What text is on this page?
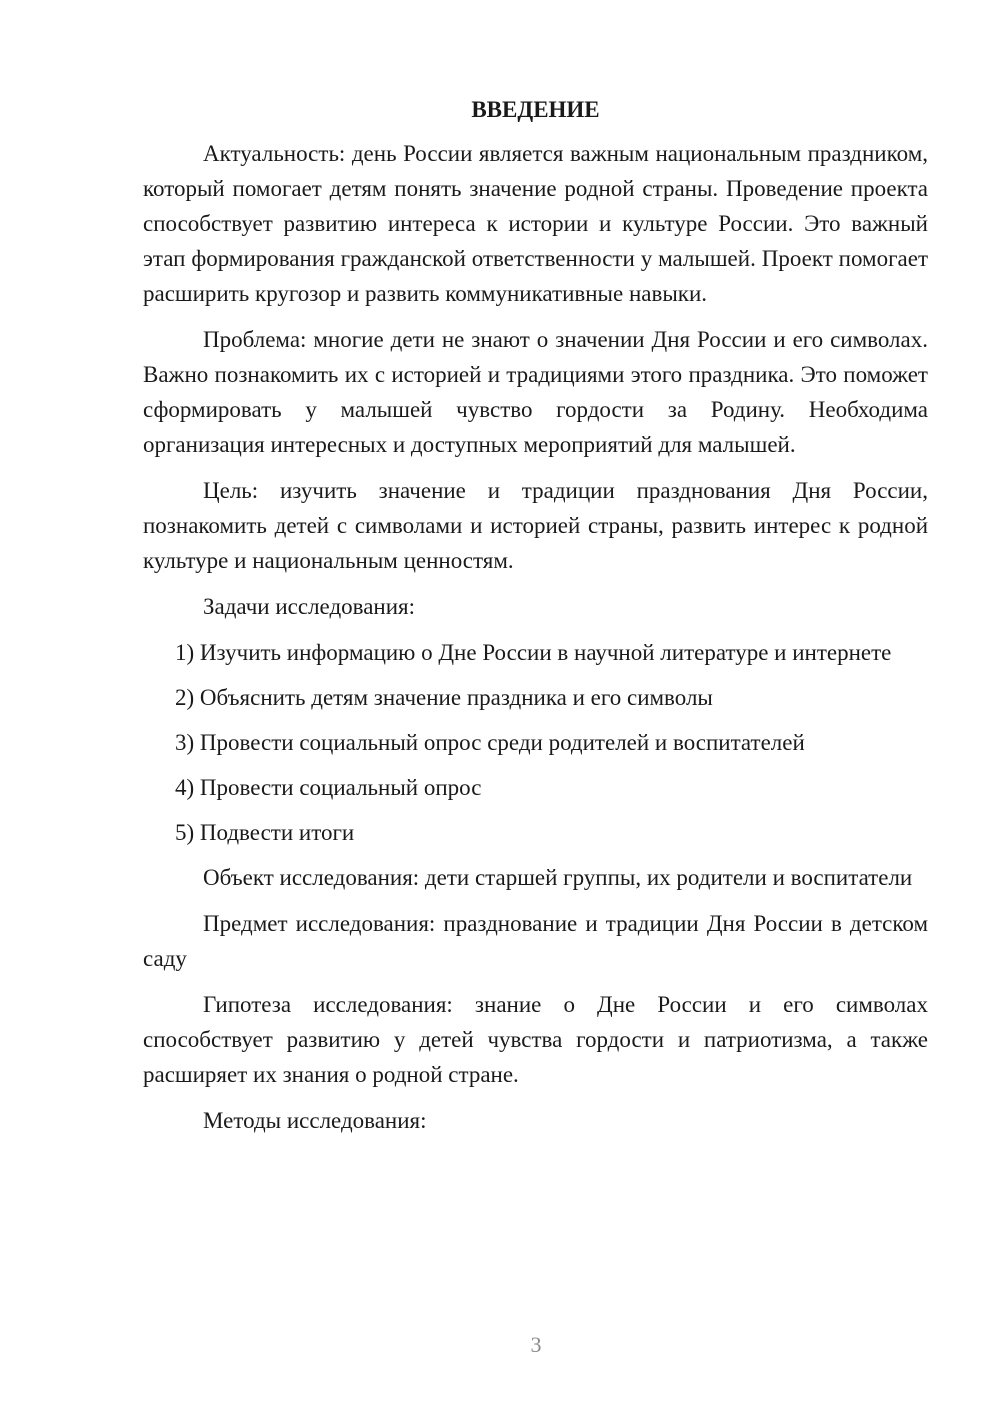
ВВЕДЕНИЕ

Актуальность: день России является важным национальным праздником, который помогает детям понять значение родной страны. Проведение проекта способствует развитию интереса к истории и культуре России. Это важный этап формирования гражданской ответственности у малышей. Проект помогает расширить кругозор и развить коммуникативные навыки.

Проблема: многие дети не знают о значении Дня России и его символах. Важно познакомить их с историей и традициями этого праздника. Это поможет сформировать у малышей чувство гордости за Родину. Необходима организация интересных и доступных мероприятий для малышей.

Цель: изучить значение и традиции празднования Дня России, познакомить детей с символами и историей страны, развить интерес к родной культуре и национальным ценностям.

Задачи исследования:

1) Изучить информацию о Дне России в научной литературе и интернете

2) Объяснить детям значение праздника и его символы

3) Провести социальный опрос среди родителей и воспитателей

4) Провести социальный опрос

5) Подвести итоги

Объект исследования: дети старшей группы, их родители и воспитатели

Предмет исследования: празднование и традиции Дня России в детском саду

Гипотеза исследования: знание о Дне России и его символах способствует развитию у детей чувства гордости и патриотизма, а также расширяет их знания о родной стране.

Методы исследования:

3
